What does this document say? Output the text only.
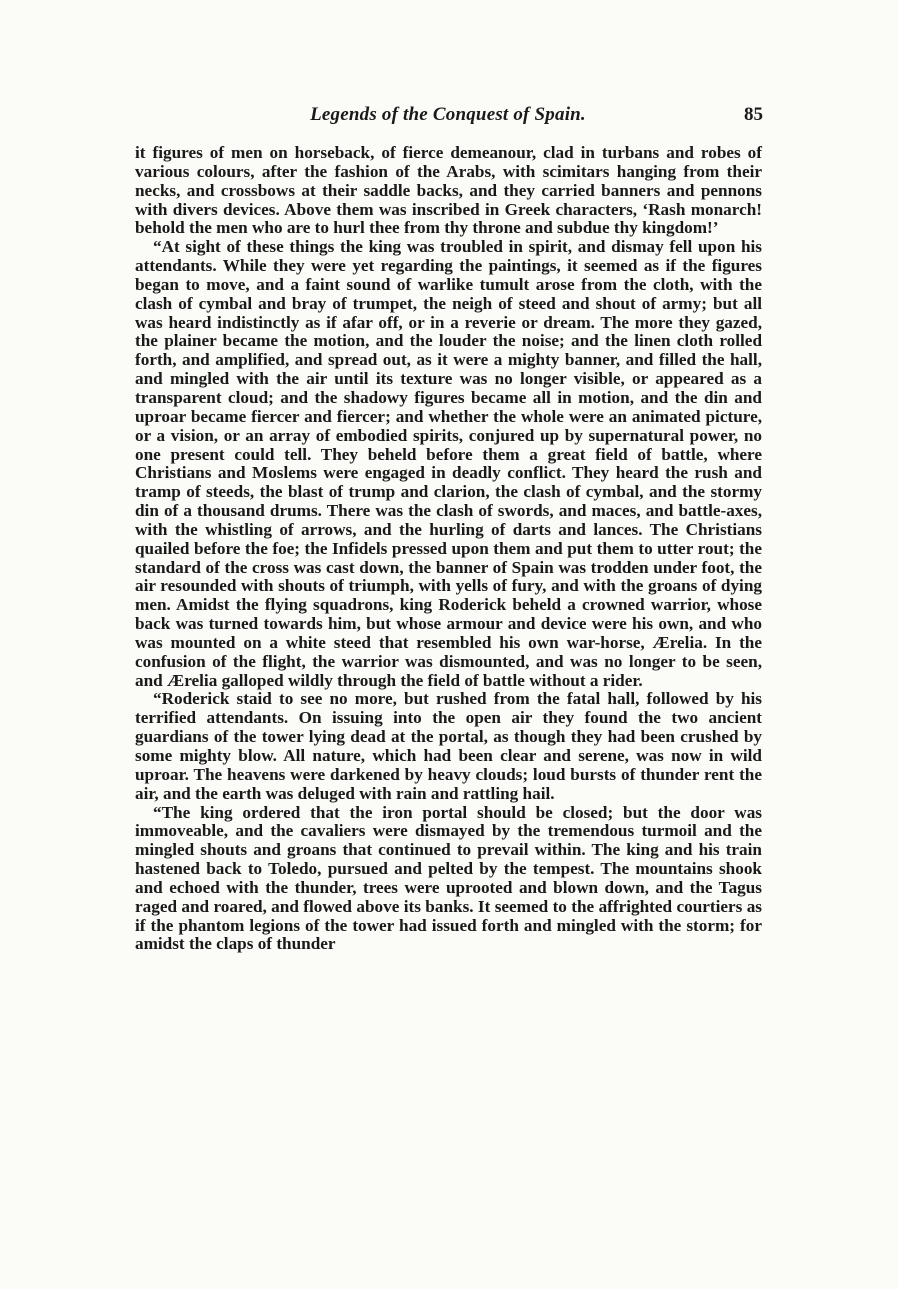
Legends of the Conquest of Spain.	85

it figures of men on horseback, of fierce demeanour, clad in turbans and robes of various colours, after the fashion of the Arabs, with scimitars hanging from their necks, and crossbows at their saddle backs, and they carried banners and pennons with divers devices. Above them was inscribed in Greek characters, ‘Rash monarch! behold the men who are to hurl thee from thy throne and subdue thy kingdom!’

“At sight of these things the king was troubled in spirit, and dismay fell upon his attendants. While they were yet regarding the paintings, it seemed as if the figures began to move, and a faint sound of warlike tumult arose from the cloth, with the clash of cymbal and bray of trumpet, the neigh of steed and shout of army; but all was heard indistinctly as if afar off, or in a reverie or dream. The more they gazed, the plainer became the motion, and the louder the noise; and the linen cloth rolled forth, and amplified, and spread out, as it were a mighty banner, and filled the hall, and mingled with the air until its texture was no longer visible, or appeared as a transparent cloud; and the shadowy figures became all in motion, and the din and uproar became fiercer and fiercer; and whether the whole were an animated picture, or a vision, or an array of embodied spirits, conjured up by supernatural power, no one present could tell. They beheld before them a great field of battle, where Christians and Moslems were engaged in deadly conflict. They heard the rush and tramp of steeds, the blast of trump and clarion, the clash of cymbal, and the stormy din of a thousand drums. There was the clash of swords, and maces, and battle-axes, with the whistling of arrows, and the hurling of darts and lances. The Christians quailed before the foe; the Infidels pressed upon them and put them to utter rout; the standard of the cross was cast down, the banner of Spain was trodden under foot, the air resounded with shouts of triumph, with yells of fury, and with the groans of dying men. Amidst the flying squadrons, king Roderick beheld a crowned warrior, whose back was turned towards him, but whose armour and device were his own, and who was mounted on a white steed that resembled his own war-horse, Ærelia. In the confusion of the flight, the warrior was dismounted, and was no longer to be seen, and Ærelia galloped wildly through the field of battle without a rider.

“Roderick staid to see no more, but rushed from the fatal hall, followed by his terrified attendants. On issuing into the open air they found the two ancient guardians of the tower lying dead at the portal, as though they had been crushed by some mighty blow. All nature, which had been clear and serene, was now in wild uproar. The heavens were darkened by heavy clouds; loud bursts of thunder rent the air, and the earth was deluged with rain and rattling hail.

“The king ordered that the iron portal should be closed; but the door was immoveable, and the cavaliers were dismayed by the tremendous turmoil and the mingled shouts and groans that continued to prevail within. The king and his train hastened back to Toledo, pursued and pelted by the tempest. The mountains shook and echoed with the thunder, trees were uprooted and blown down, and the Tagus raged and roared, and flowed above its banks. It seemed to the affrighted courtiers as if the phantom legions of the tower had issued forth and mingled with the storm; for amidst the claps of thunder
